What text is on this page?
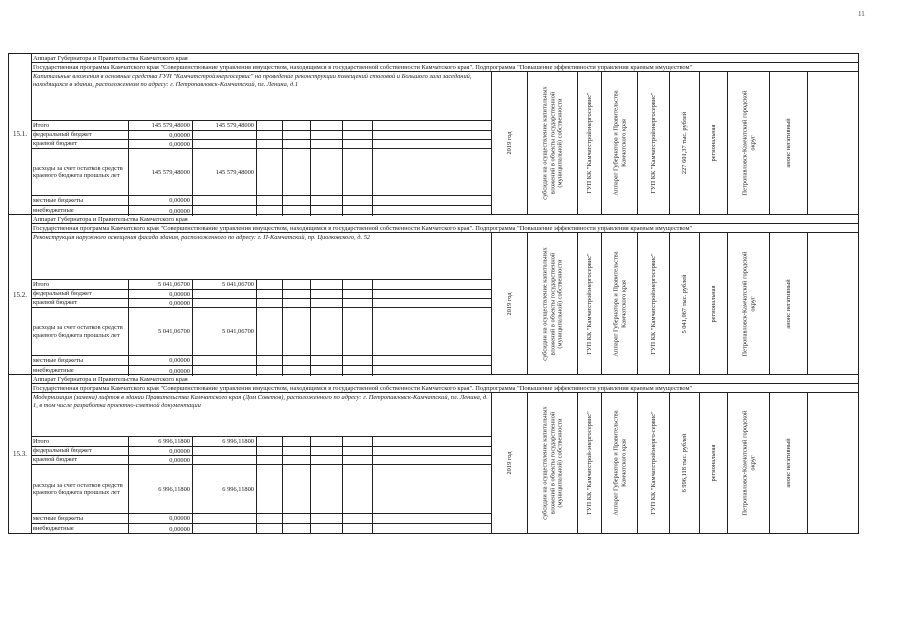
11
15.1.
Аппарат Губернатора и Правительства Камчатского края
Государственная программа Камчатского края "Совершенствование управления имуществом, находящимся в государственной собственности Камчатского края". Подпрограмма "Повышение эффективности управления краевым имуществом"
Капитальные вложения в основные средства ГУП "Камчатстройэнергосервис" на проведение реконструкции помещений столовой и Большого зала заседаний, находящихся в здании, расположенном по адресу: г. Петропавловск-Камчатский, пл. Ленина, д.1
Итого	145 579,48000	145 579,48000
федеральный бюджет	0,00000
краевой бюджет	0,00000
расходы за счет остатков средств краевого бюджета прошлых лет	145 579,48000	145 579,48000
местные бюджеты	0,00000
внебюджетные	0,00000
2019 год	субсидии на осуществление капитальных вложений в объекты государственной (муниципальной) собственности	ГУП КК "Камчатстройэнергосервис"	Аппарат Губернатора и Правительства Камчатского края	ГУП КК "Камчатстройэнергосервис"	227 601,37 тыс. рублей	региональная	Петропавловск-Камчатский городской округ	анонс негативный
15.2.
Аппарат Губернатора и Правительства Камчатского края
Государственная программа Камчатского края "Совершенствование управления имуществом, находящимся в государственной собственности Камчатского края". Подпрограмма "Повышение эффективности управления краевым имуществом"
Реконструкция наружного освещения фасада здания, расположенного по адресу: г. П-Камчатский, пр. Циолковского, д. 52
Итого	5 041,06700	5 041,06700
федеральный бюджет	0,00000
краевой бюджет	0,00000
расходы за счет остатков средств краевого бюджета прошлых лет	5 041,06700	5 041,06700
местные бюджеты	0,00000
внебюджетные	0,00000
2019 год	субсидии на осуществление капитальных вложений в объекты государственной (муниципальной) собственности	ГУП КК "Камчатстройэнергосервис"	Аппарат Губернатора и Правительства Камчатского края	ГУП КК "Камчатстройэнергосервис"	5 041,067 тыс. рублей	региональная	Петропавловск-Камчатский городской округ	анонс негативный
15.3.
Аппарат Губернатора и Правительства Камчатского края
Государственная программа Камчатского края "Совершенствование управления имуществом, находящимся в государственной собственности Камчатского края". Подпрограмма "Повышение эффективности управления краевым имуществом"
Модернизация (замена) лифтов в здании Правительства Камчатского края (Дом Советов), расположенного по адресу: г. Петропавловск-Камчатский, пл. Ленина, д. 1, в том числе разработка проектно-сметной документации
Итого	6 996,11800	6 996,11800
федеральный бюджет	0,00000
краевой бюджет	0,00000
расходы за счет остатков средств краевого бюджета прошлых лет	6 996,11800	6 996,11800
местные бюджеты	0,00000
внебюджетные	0,00000
2019 год	субсидии на осуществление капитальных вложений в объекты государственной (муниципальной) собственности	ГУП КК "Камчатстрой-энергосервис"	Аппарат Губернатора и Правительства Камчатского края	ГУП КК "Камчатстройэнерго-сервис"	6 996,118 тыс. рублей	региональная	Петропавловск-Камчатский городской округ	анонс негативный
